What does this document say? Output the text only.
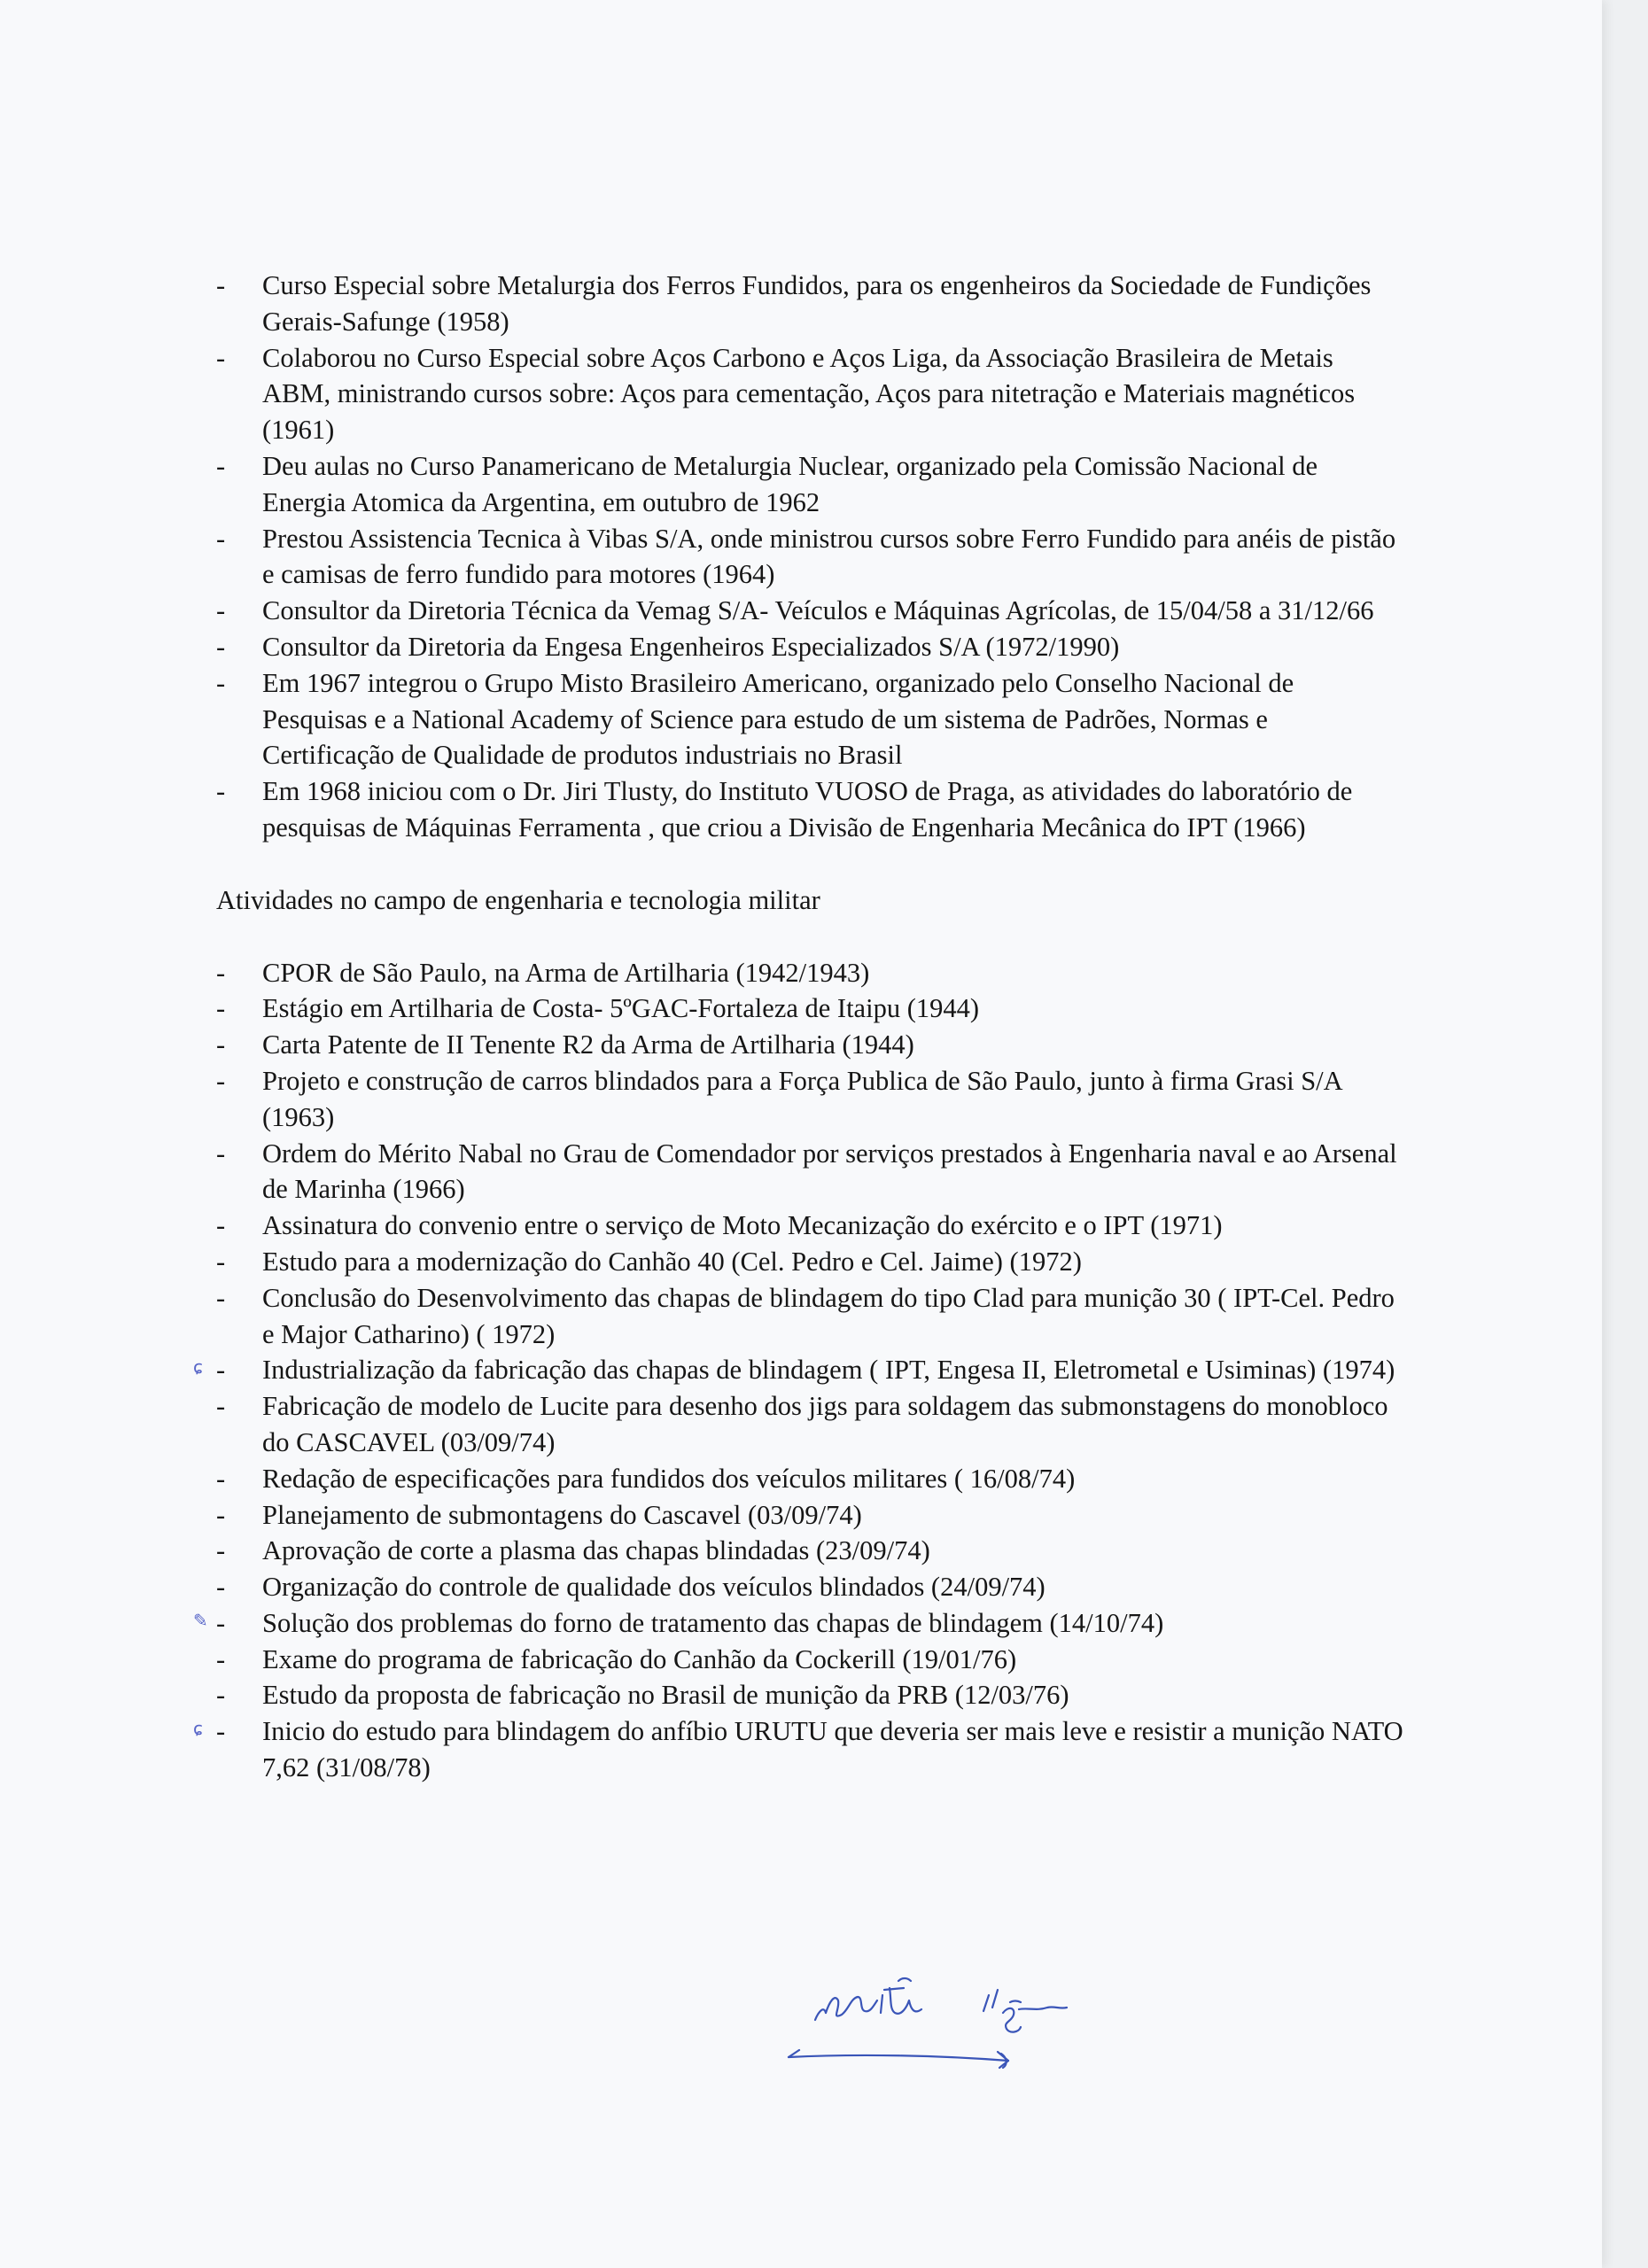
-	Curso Especial sobre Metalurgia dos Ferros Fundidos, para os engenheiros da Sociedade de Fundições Gerais-Safunge (1958)

-	Colaborou no Curso Especial sobre Aços Carbono e Aços Liga, da Associação Brasileira de Metais ABM, ministrando cursos sobre: Aços para cementação, Aços para nitetração e Materiais magnéticos (1961)

-	Deu aulas no Curso Panamericano de Metalurgia Nuclear, organizado pela Comissão Nacional de Energia Atomica da Argentina, em outubro de 1962

-	Prestou Assistencia Tecnica à Vibas S/A, onde ministrou cursos sobre Ferro Fundido para anéis de pistão e camisas de ferro fundido para motores (1964)

-	Consultor da Diretoria Técnica da Vemag S/A- Veículos e Máquinas Agrícolas, de 15/04/58 a 31/12/66

-	Consultor da Diretoria da Engesa Engenheiros Especializados S/A (1972/1990)

-	Em 1967 integrou o Grupo Misto Brasileiro Americano, organizado pelo Conselho Nacional de Pesquisas e a National Academy of Science para estudo de um sistema de Padrões, Normas e Certificação de Qualidade de produtos industriais no Brasil

-	Em 1968 iniciou com o Dr. Jiri Tlusty, do Instituto VUOSO de Praga, as atividades do laboratório de pesquisas de Máquinas Ferramenta , que criou a Divisão de Engenharia Mecânica do IPT (1966)

Atividades no campo de engenharia e tecnologia militar

-	CPOR de São Paulo, na Arma de Artilharia (1942/1943)

-	Estágio em Artilharia de Costa- 5ºGAC-Fortaleza de Itaipu (1944)

-	Carta Patente de II Tenente R2 da Arma de Artilharia (1944)

-	Projeto e construção de carros blindados para a Força Publica de São Paulo, junto à firma Grasi S/A (1963)

-	Ordem do Mérito Nabal no Grau de Comendador por serviços prestados à Engenharia naval e ao Arsenal de Marinha (1966)

-	Assinatura do convenio entre o serviço de Moto Mecanização do exército e o IPT (1971)

-	Estudo para a modernização do Canhão 40 (Cel. Pedro e Cel. Jaime) (1972)

-	Conclusão do Desenvolvimento das chapas de blindagem do tipo Clad para munição 30 ( IPT-Cel. Pedro e Major Catharino) ( 1972)

ɕ -	Industrialização da fabricação das chapas de blindagem ( IPT, Engesa II, Eletrometal e Usiminas) (1974)

-	Fabricação de modelo de Lucite para desenho dos jigs para soldagem das submonstagens do monobloco do CASCAVEL (03/09/74)

-	Redação de especificações para fundidos dos veículos militares ( 16/08/74)

-	Planejamento de submontagens do Cascavel (03/09/74)

-	Aprovação de corte a plasma das chapas blindadas (23/09/74)

-	Organização do controle de qualidade dos veículos blindados (24/09/74)

✎ -	Solução dos problemas do forno de tratamento das chapas de blindagem (14/10/74)

-	Exame do programa de fabricação do Canhão da Cockerill (19/01/76)

-	Estudo da proposta de fabricação no Brasil de munição da PRB (12/03/76)

ɕ -	Inicio do estudo para blindagem do anfíbio URUTU que deveria ser mais leve e resistir a munição NATO 7,62 (31/08/78)
